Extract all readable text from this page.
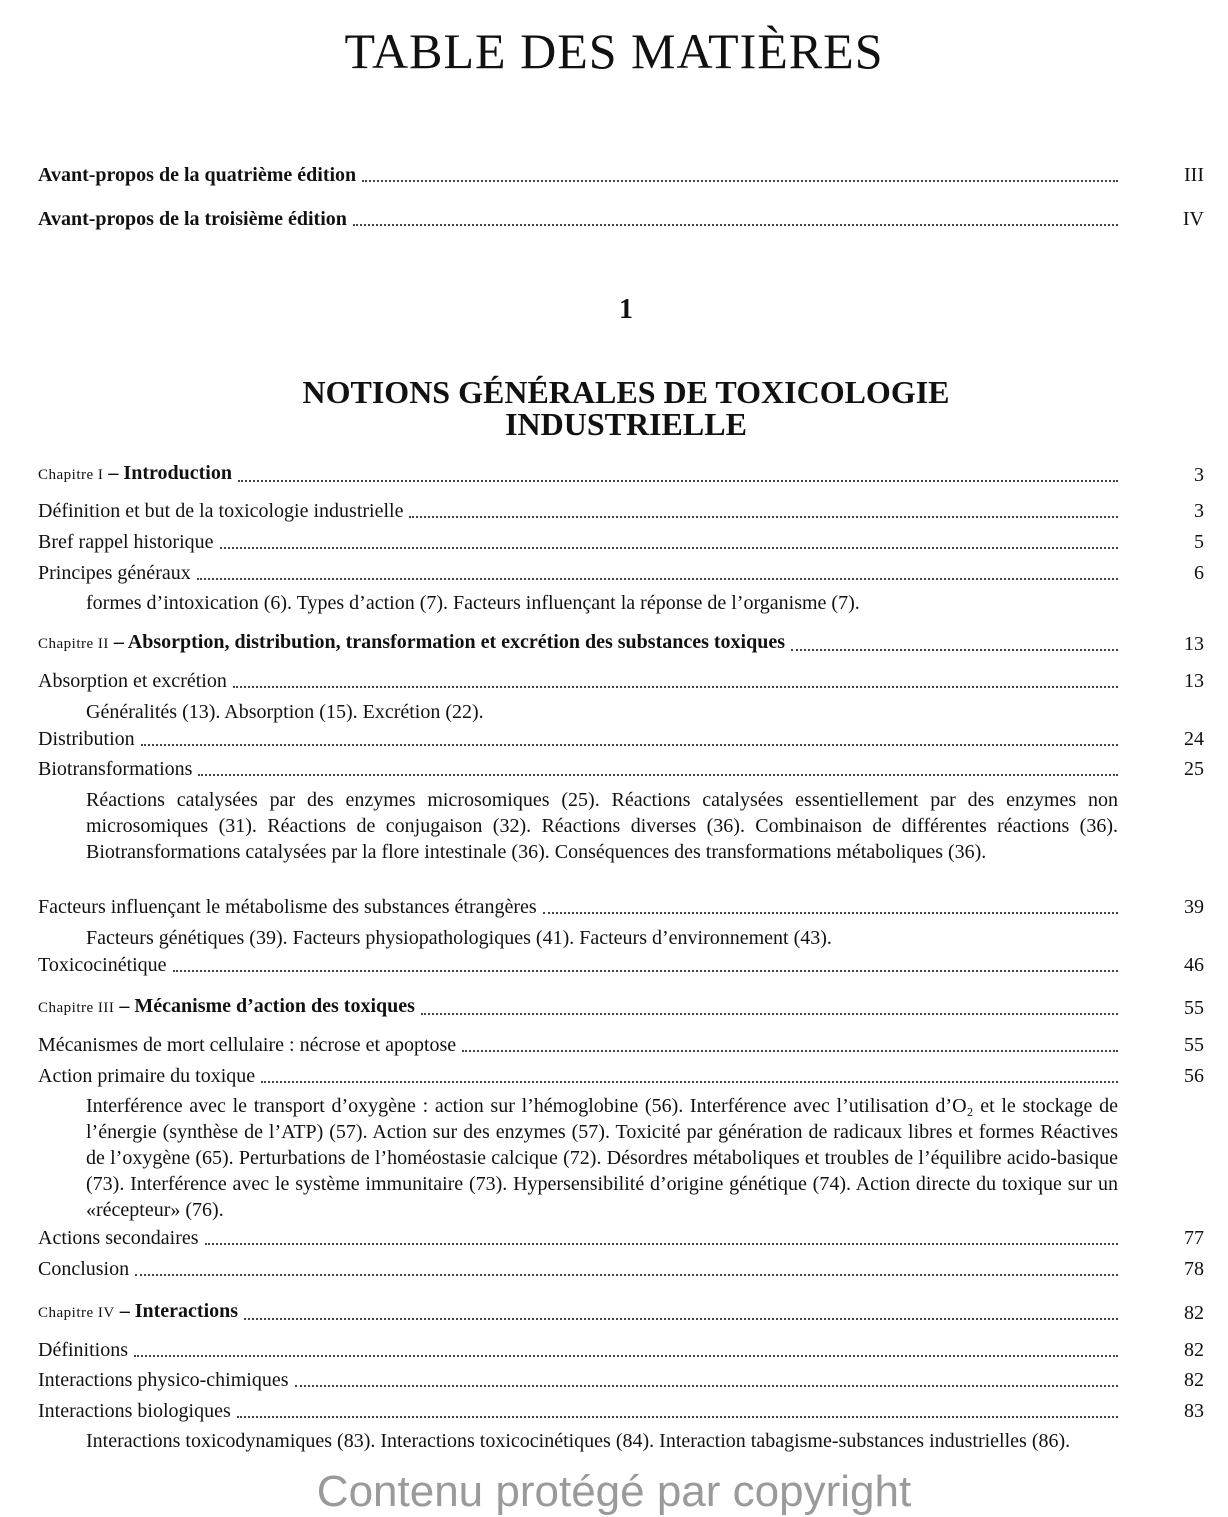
TABLE DES MATIÈRES
Avant-propos de la quatrième édition	III
Avant-propos de la troisième édition	IV
1
NOTIONS GÉNÉRALES DE TOXICOLOGIE
INDUSTRIELLE
Chapitre I – Introduction	3
Définition et but de la toxicologie industrielle	3
Bref rappel historique	5
Principes généraux	6
formes d’intoxication (6). Types d’action (7). Facteurs influençant la réponse de l’organisme (7).
Chapitre II – Absorption, distribution, transformation et excrétion des substances toxiques	13
Absorption et excrétion	13
Généralités (13). Absorption (15). Excrétion (22).
Distribution	24
Biotransformations	25
Réactions catalysées par des enzymes microsomiques (25). Réactions catalysées essentiellement par des enzymes non microsomiques (31). Réactions de conjugaison (32). Réactions diverses (36). Combinaison de différentes réactions (36). Biotransformations catalysées par la flore intestinale (36). Conséquences des transformations métaboliques (36).
Facteurs influençant le métabolisme des substances étrangères	39
Facteurs génétiques (39). Facteurs physiopathologiques (41). Facteurs d’environnement (43).
Toxicocinétique	46
Chapitre III – Mécanisme d’action des toxiques	55
Mécanismes de mort cellulaire : nécrose et apoptose	55
Action primaire du toxique	56
Interférence avec le transport d’oxygène : action sur l’hémoglobine (56). Interférence avec l’utilisation d’O₂ et le stockage de l’énergie (synthèse de l’ATP) (57). Action sur des enzymes (57). Toxicité par génération de radicaux libres et formes Réactives de l’oxygène (65). Perturbations de l’homéostasie calcique (72). Désordres métaboliques et troubles de l’équilibre acido-basique (73). Interférence avec le système immunitaire (73). Hypersensibilité d’origine génétique (74). Action directe du toxique sur un «récepteur» (76).
Actions secondaires	77
Conclusion	78
Chapitre IV – Interactions	82
Définitions	82
Interactions physico-chimiques	82
Interactions biologiques	83
Interactions toxicodynamiques (83). Interactions toxicocinétiques (84). Interaction tabagisme-substances industrielles (86).
Contenu protégé par copyright
